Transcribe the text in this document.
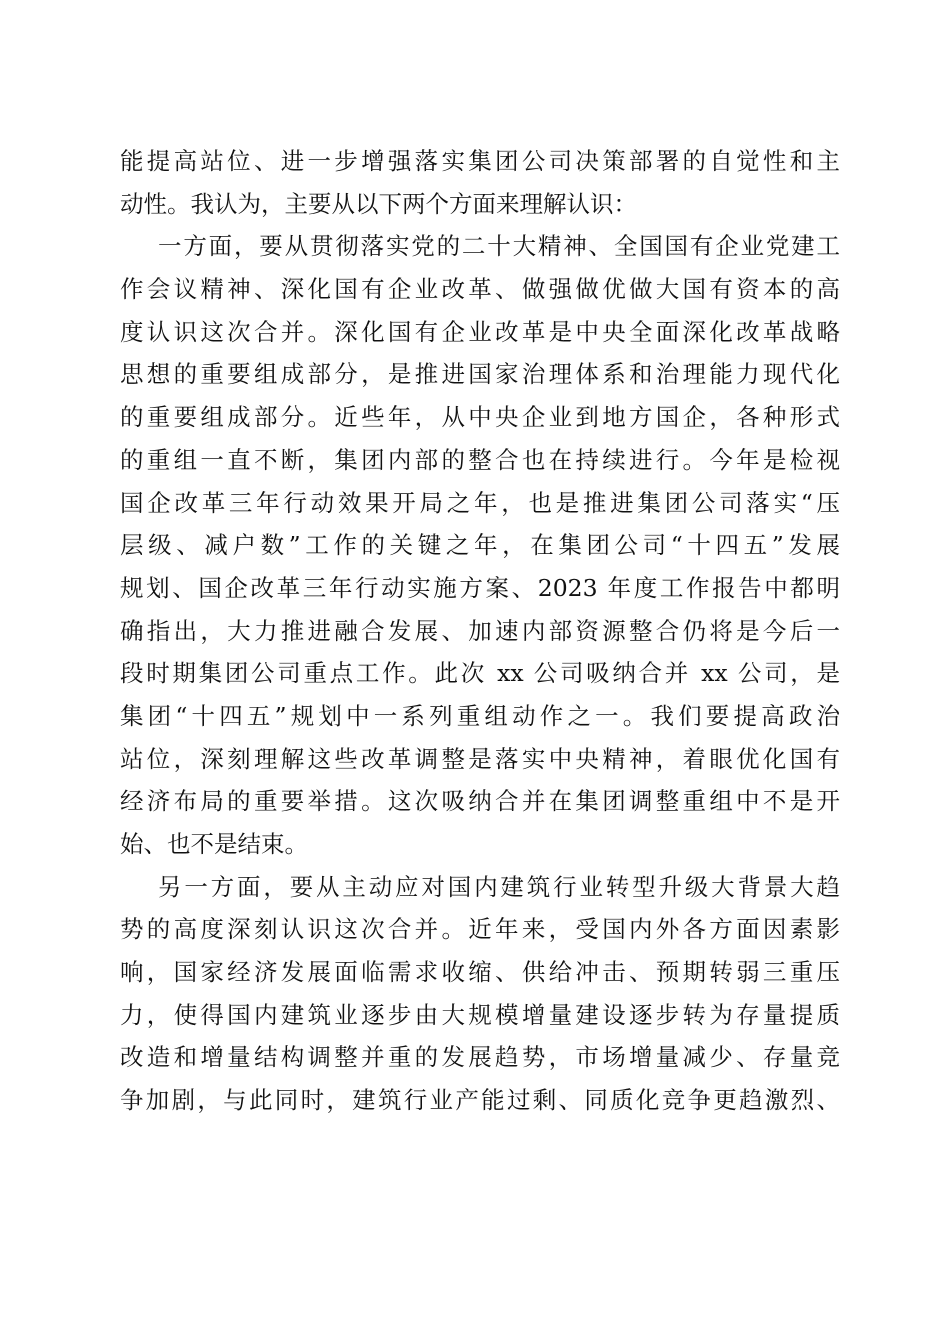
能提高站位、进一步增强落实集团公司决策部署的自觉性和主
动性。我认为，主要从以下两个方面来理解认识：
一方面，要从贯彻落实党的二十大精神、全国国有企业党建工
作会议精神、深化国有企业改革、做强做优做大国有资本的高
度认识这次合并。深化国有企业改革是中央全面深化改革战略
思想的重要组成部分，是推进国家治理体系和治理能力现代化
的重要组成部分。近些年，从中央企业到地方国企，各种形式
的重组一直不断，集团内部的整合也在持续进行。今年是检视
国企改革三年行动效果开局之年，也是推进集团公司落实“压
层级、减户数”工作的关键之年，在集团公司“十四五”发展
规划、国企改革三年行动实施方案、2023 年度工作报告中都明
确指出，大力推进融合发展、加速内部资源整合仍将是今后一
段时期集团公司重点工作。此次 xx 公司吸纳合并 xx 公司，是
集团“十四五”规划中一系列重组动作之一。我们要提高政治
站位，深刻理解这些改革调整是落实中央精神，着眼优化国有
经济布局的重要举措。这次吸纳合并在集团调整重组中不是开
始、也不是结束。
另一方面，要从主动应对国内建筑行业转型升级大背景大趋
势的高度深刻认识这次合并。近年来，受国内外各方面因素影
响，国家经济发展面临需求收缩、供给冲击、预期转弱三重压
力，使得国内建筑业逐步由大规模增量建设逐步转为存量提质
改造和增量结构调整并重的发展趋势，市场增量减少、存量竞
争加剧，与此同时，建筑行业产能过剩、同质化竞争更趋激烈、
